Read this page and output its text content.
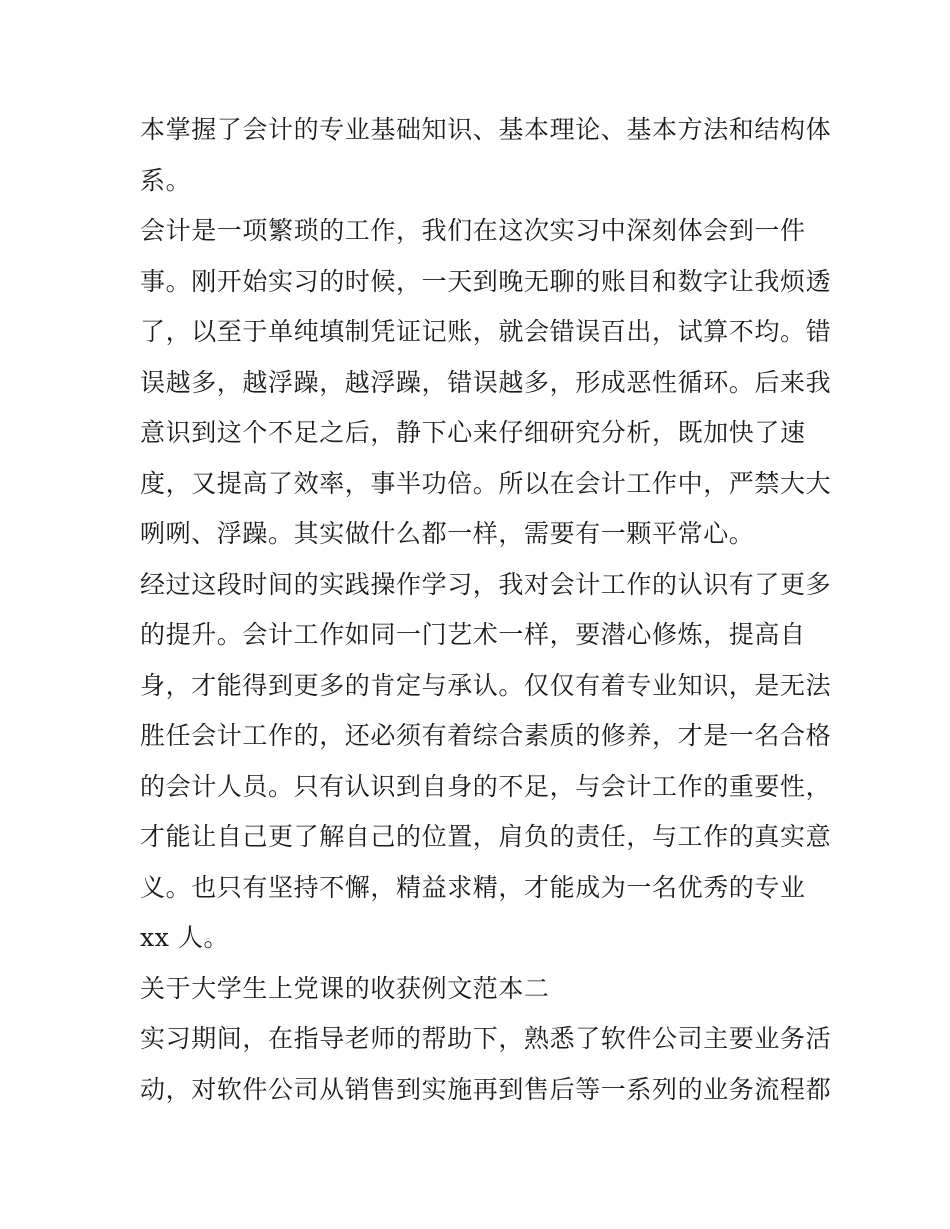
本掌握了会计的专业基础知识、基本理论、基本方法和结构体
系。
会计是一项繁琐的工作，我们在这次实习中深刻体会到一件
事。刚开始实习的时候，一天到晚无聊的账目和数字让我烦透
了，以至于单纯填制凭证记账，就会错误百出，试算不均。错
误越多，越浮躁，越浮躁，错误越多，形成恶性循环。后来我
意识到这个不足之后，静下心来仔细研究分析，既加快了速
度，又提高了效率，事半功倍。所以在会计工作中，严禁大大
咧咧、浮躁。其实做什么都一样，需要有一颗平常心。
经过这段时间的实践操作学习，我对会计工作的认识有了更多
的提升。会计工作如同一门艺术一样，要潜心修炼，提高自
身，才能得到更多的肯定与承认。仅仅有着专业知识，是无法
胜任会计工作的，还必须有着综合素质的修养，才是一名合格
的会计人员。只有认识到自身的不足，与会计工作的重要性，
才能让自己更了解自己的位置，肩负的责任，与工作的真实意
义。也只有坚持不懈，精益求精，才能成为一名优秀的专业
xx 人。
关于大学生上党课的收获例文范本二
实习期间，在指导老师的帮助下，熟悉了软件公司主要业务活
动，对软件公司从销售到实施再到售后等一系列的业务流程都
